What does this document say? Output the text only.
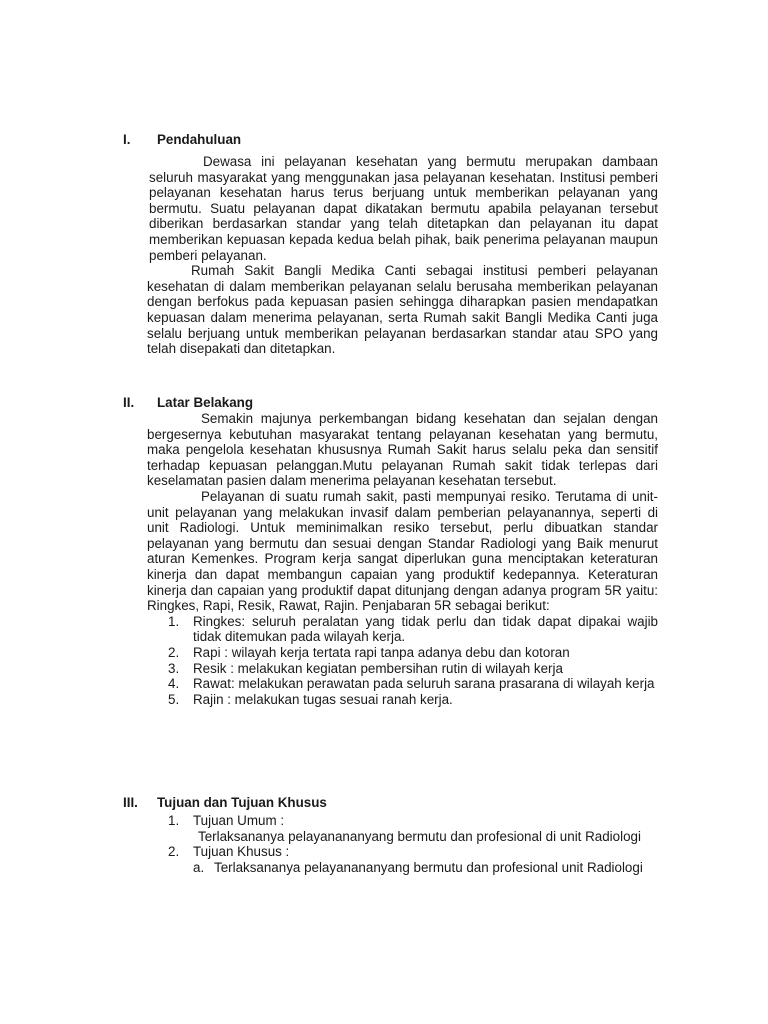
I. Pendahuluan

Dewasa ini pelayanan kesehatan yang bermutu merupakan dambaan seluruh masyarakat yang menggunakan jasa pelayanan kesehatan. Institusi pemberi pelayanan kesehatan harus terus berjuang untuk memberikan pelayanan yang bermutu. Suatu pelayanan dapat dikatakan bermutu apabila pelayanan tersebut diberikan berdasarkan standar yang telah ditetapkan dan pelayanan itu dapat memberikan kepuasan kepada kedua belah pihak, baik penerima pelayanan maupun pemberi pelayanan.

Rumah Sakit Bangli Medika Canti sebagai institusi pemberi pelayanan kesehatan di dalam memberikan pelayanan selalu berusaha memberikan pelayanan dengan berfokus pada kepuasan pasien sehingga diharapkan pasien mendapatkan kepuasan dalam menerima pelayanan, serta Rumah sakit Bangli Medika Canti juga selalu berjuang untuk memberikan pelayanan berdasarkan standar atau SPO yang telah disepakati dan ditetapkan.

II. Latar Belakang

Semakin majunya perkembangan bidang kesehatan dan sejalan dengan bergesernya kebutuhan masyarakat tentang pelayanan kesehatan yang bermutu, maka pengelola kesehatan khususnya Rumah Sakit harus selalu peka dan sensitif terhadap kepuasan pelanggan.Mutu pelayanan Rumah sakit tidak terlepas dari keselamatan pasien dalam menerima pelayanan kesehatan tersebut.

Pelayanan di suatu rumah sakit, pasti mempunyai resiko. Terutama di unit-unit pelayanan yang melakukan invasif dalam pemberian pelayanannya, seperti di unit Radiologi. Untuk meminimalkan resiko tersebut, perlu dibuatkan standar pelayanan yang bermutu dan sesuai dengan Standar Radiologi yang Baik menurut aturan Kemenkes. Program kerja sangat diperlukan guna menciptakan keteraturan kinerja dan dapat membangun capaian yang produktif kedepannya. Keteraturan kinerja dan capaian yang produktif dapat ditunjang dengan adanya program 5R yaitu: Ringkes, Rapi, Resik, Rawat, Rajin. Penjabaran 5R sebagai berikut:

1. Ringkes: seluruh peralatan yang tidak perlu dan tidak dapat dipakai wajib tidak ditemukan pada wilayah kerja.
2. Rapi : wilayah kerja tertata rapi tanpa adanya debu dan kotoran
3. Resik : melakukan kegiatan pembersihan rutin di wilayah kerja
4. Rawat: melakukan perawatan pada seluruh sarana prasarana di wilayah kerja
5. Rajin : melakukan tugas sesuai ranah kerja.
III. Tujuan dan Tujuan Khusus
1. Tujuan Umum :
Terlaksananya pelayanananyang bermutu dan profesional di unit Radiologi
2. Tujuan Khusus :
a. Terlaksananya pelayanananyang bermutu dan profesional unit Radiologi
